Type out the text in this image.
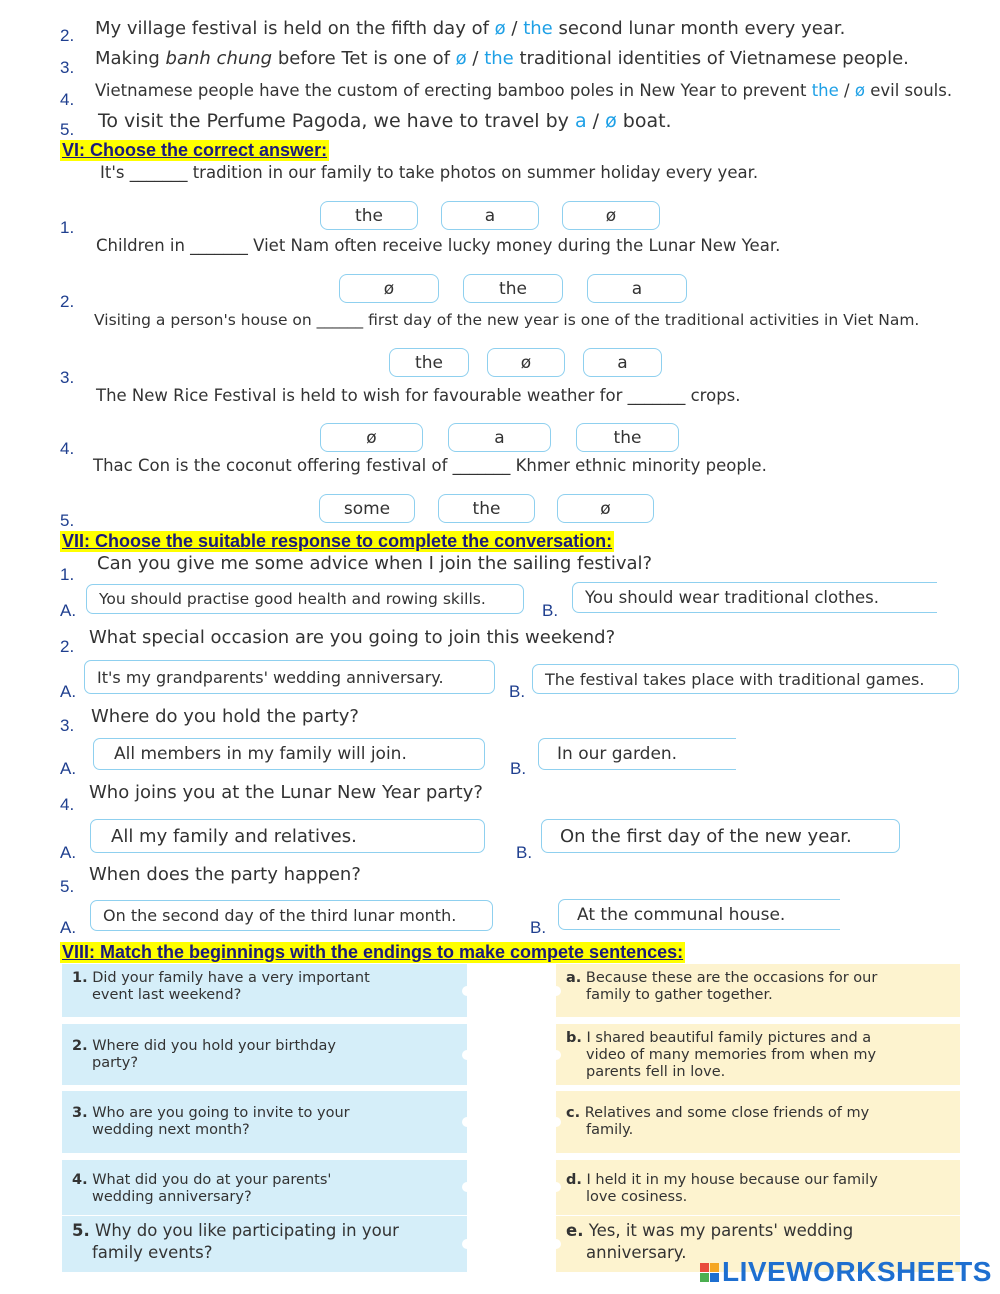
2. My village festival is held on the fifth day of ø / the second lunar month every year.
3. Making banh chung before Tet is one of ø / the traditional identities of Vietnamese people.
4. Vietnamese people have the custom of erecting bamboo poles in New Year to prevent the / ø evil souls.
5. To visit the Perfume Pagoda, we have to travel by a / ø boat.
VI: Choose the correct answer:
It's _______ tradition in our family to take photos on summer holiday every year.
1.
the	a	ø
Children in _______ Viet Nam often receive lucky money during the Lunar New Year.
2.
ø	the	a
Visiting a person's house on ______ first day of the new year is one of the traditional activities in Viet Nam.
3.
the	ø	a
The New Rice Festival is held to wish for favourable weather for _______ crops.
4.
ø	a	the
Thac Con is the coconut offering festival of _______ Khmer ethnic minority people.
5.
some	the	ø
VII: Choose the suitable response to complete the conversation:
1.
Can you give me some advice when I join the sailing festival?
A.
You should practise good health and rowing skills.
B.
You should wear traditional clothes.
2. What special occasion are you going to join this weekend?
A.
It's my grandparents' wedding anniversary.
B.
The festival takes place with traditional games.
3. Where do you hold the party?
A.
All members in my family will join.
B.
In our garden.
4.
Who joins you at the Lunar New Year party?
A.
All my family and relatives.
B.
On the first day of the new year.
5.
When does the party happen?
A.
On the second day of the third lunar month.
B.
At the communal house.
VIII: Match the beginnings with the endings to make compete sentences:
1. Did your family have a very important
event last weekend?
2. Where did you hold your birthday
party?
3. Who are you going to invite to your
wedding next month?
4. What did you do at your parents'
wedding anniversary?
5. Why do you like participating in your
family events?
a. Because these are the occasions for our
family to gather together.
b. I shared beautiful family pictures and a
video of many memories from when my
parents fell in love.
c. Relatives and some close friends of my
family.
d. I held it in my house because our family
love cosiness.
e. Yes, it was my parents' wedding
anniversary.
LIVEWORKSHEETS
